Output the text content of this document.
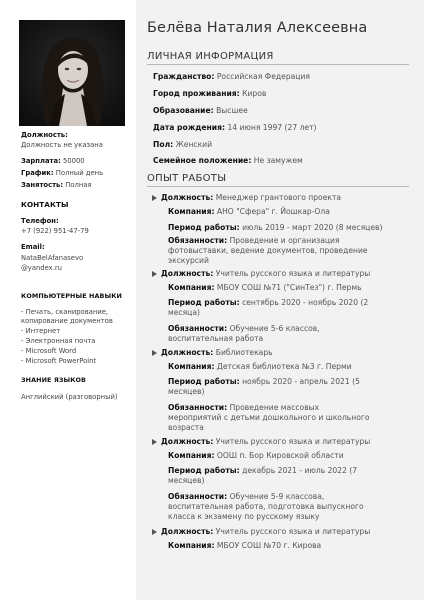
Должность:
Должность не указана
Зарплата: 50000
График: Полный день
Занятость: Полная
КОНТАКТЫ
Телефон:
+7 (922) 951-47-79
Email:
NataBelAfanasevo
@yandex.ru
КОМПЬЮТЕРНЫЕ НАВЫКИ
- Печать, сканирование,
копирование документов
- Интернет
- Электронная почта
- Microsoft Word
- Microsoft PowerPoint
ЗНАНИЕ ЯЗЫКОВ
Английский (разговорный)
Белёва Наталия Алексеевна
ЛИЧНАЯ ИНФОРМАЦИЯ
Гражданство: Российская Федерация
Город проживания: Киров
Образование: Высшее
Дата рождения: 14 июня 1997 (27 лет)
Пол: Женский
Семейное положение: Не замужем
ОПЫТ РАБОТЫ
Должность: Менеджер грантового проекта
Компания: АНО "Сфера" г. Йошкар-Ола
Период работы: июль 2019 - март 2020 (8 месяцев)
Обязанности: Проведение и организация
фотовыставки, ведение документов, проведение
экскурсий
Должность: Учитель русского языка и литературы
Компания: МБОУ СОШ №71 ("СинТез") г. Пермь
Период работы: сентябрь 2020 - ноябрь 2020 (2
месяца)
Обязанности: Обучение 5-6 классов,
воспитательная работа
Должность: Библиотекарь
Компания: Детская библиотека №3 г. Перми
Период работы: ноябрь 2020 - апрель 2021 (5
месяцев)
Обязанности: Проведение массовых
мероприятий с детьми дошкольного и школьного
возраста
Должность: Учитель русского языка и литературы
Компания: ООШ п. Бор Кировской области
Период работы: декабрь 2021 - июль 2022 (7
месяцев)
Обязанности: Обучение 5-9 классова,
воспитательная работа, подготовка выпускного
класса к экзамену по русскому языку
Должность: Учитель русского языка и литературы
Компания: МБОУ СОШ №70 г. Кирова
